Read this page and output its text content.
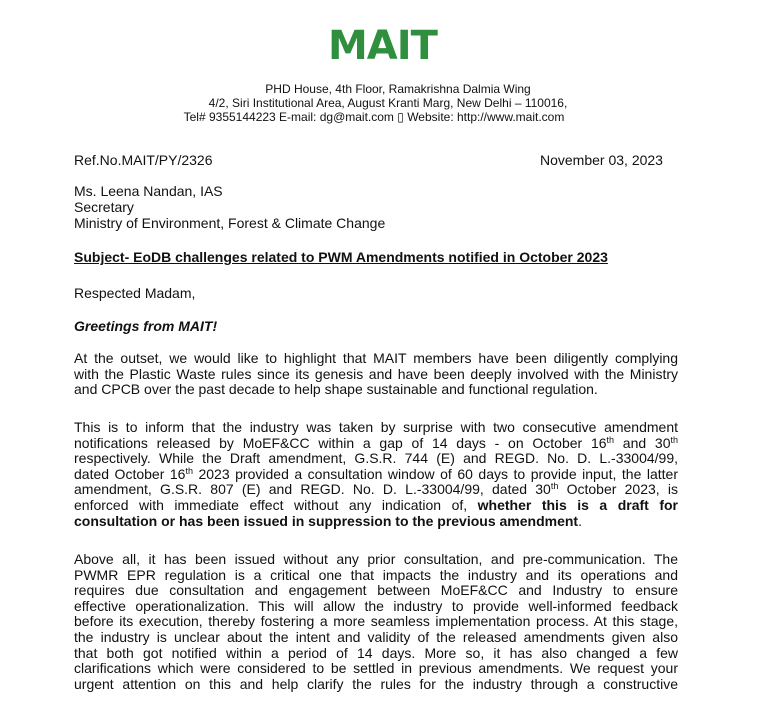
MAIT
PHD House, 4th Floor, Ramakrishna Dalmia Wing
4/2, Siri Institutional Area, August Kranti Marg, New Delhi – 110016,
Tel# 9355144223 E-mail: dg@mait.com ▯ Website: http://www.mait.com
Ref.No.MAIT/PY/2326	November 03, 2023
Ms. Leena Nandan, IAS
Secretary
Ministry of Environment, Forest & Climate Change
Subject- EoDB challenges related to PWM Amendments notified in October 2023
Respected Madam,
Greetings from MAIT!
At the outset, we would like to highlight that MAIT members have been diligently complying
with the Plastic Waste rules since its genesis and have been deeply involved with the Ministry
and CPCB over the past decade to help shape sustainable and functional regulation.
This is to inform that the industry was taken by surprise with two consecutive amendment
notifications released by MoEF&CC within a gap of 14 days - on October 16th and 30th
respectively. While the Draft amendment, G.S.R. 744 (E) and REGD. No. D. L.-33004/99,
dated October 16th 2023 provided a consultation window of 60 days to provide input, the latter
amendment, G.S.R. 807 (E) and REGD. No. D. L.-33004/99, dated 30th October 2023, is
enforced with immediate effect without any indication of, whether this is a draft for
consultation or has been issued in suppression to the previous amendment.
Above all, it has been issued without any prior consultation, and pre-communication. The
PWMR EPR regulation is a critical one that impacts the industry and its operations and
requires due consultation and engagement between MoEF&CC and Industry to ensure
effective operationalization. This will allow the industry to provide well-informed feedback
before its execution, thereby fostering a more seamless implementation process. At this stage,
the industry is unclear about the intent and validity of the released amendments given also
that both got notified within a period of 14 days. More so, it has also changed a few
clarifications which were considered to be settled in previous amendments. We request your
urgent attention on this and help clarify the rules for the industry through a constructive
